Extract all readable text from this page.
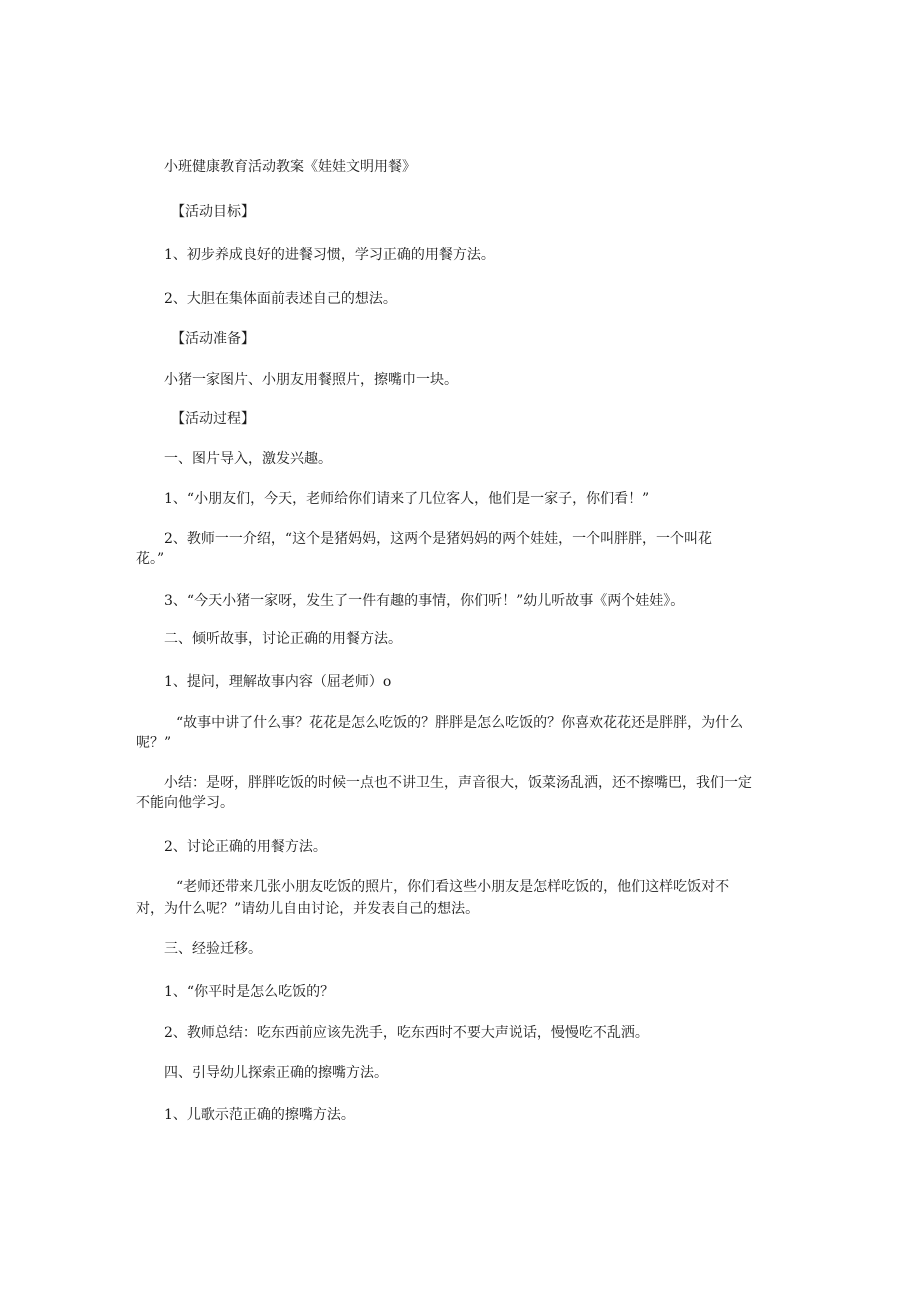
小班健康教育活动教案《娃娃文明用餐》
【活动目标】
1、初步养成良好的进餐习惯，学习正确的用餐方法。
2、大胆在集体面前表述自己的想法。
【活动准备】
小猪一家图片、小朋友用餐照片，擦嘴巾一块。
【活动过程】
一、图片导入，激发兴趣。
1、“小朋友们，今天，老师给你们请来了几位客人，他们是一家子，你们看！”
2、教师一一介绍，“这个是猪妈妈，这两个是猪妈妈的两个娃娃，一个叫胖胖，一个叫花
花。”
3、“今天小猪一家呀，发生了一件有趣的事情，你们听！”幼儿听故事《两个娃娃》。
二、倾听故事，讨论正确的用餐方法。
1、提问，理解故事内容（屈老师）o
“故事中讲了什么事？花花是怎么吃饭的？胖胖是怎么吃饭的？你喜欢花花还是胖胖，为什么
呢？”
小结：是呀，胖胖吃饭的时候一点也不讲卫生，声音很大，饭菜汤乱洒，还不擦嘴巴，我们一定
不能向他学习。
2、讨论正确的用餐方法。
“老师还带来几张小朋友吃饭的照片，你们看这些小朋友是怎样吃饭的，他们这样吃饭对不
对，为什么呢？”请幼儿自由讨论，并发表自己的想法。
三、经验迁移。
1、“你平时是怎么吃饭的？
2、教师总结：吃东西前应该先洗手，吃东西时不要大声说话，慢慢吃不乱洒。
四、引导幼儿探索正确的擦嘴方法。
1、儿歌示范正确的擦嘴方法。
